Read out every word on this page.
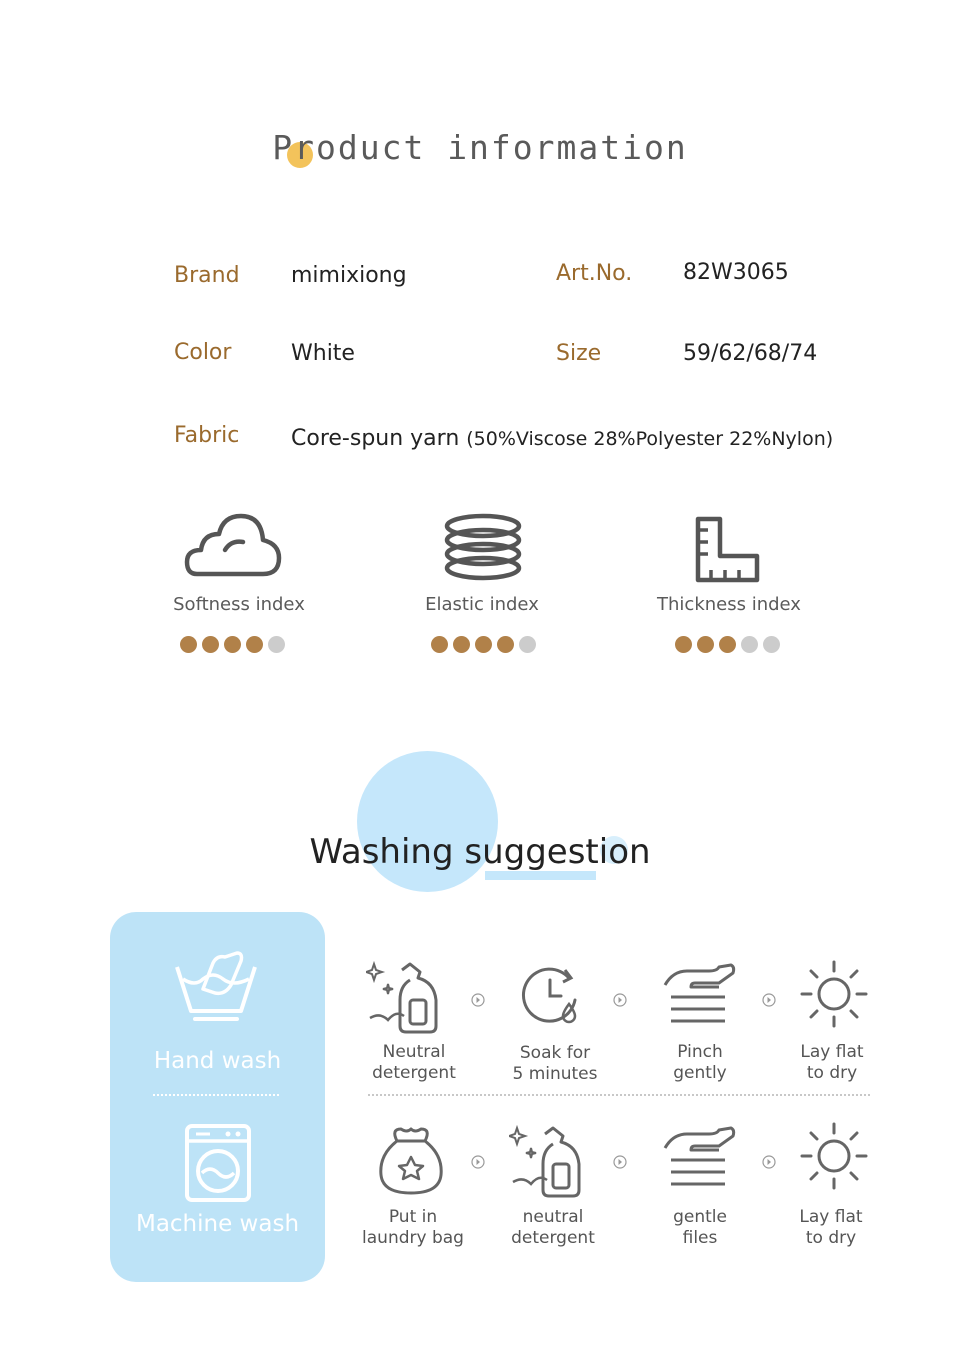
Product information
Brand mimixiong	Art.No. 82W3065
Color	White	Size	59/62/68/74
Fabric Core-spun yarn (50%Viscose 28%Polyester 22%Nylon)
Softness index	Elastic index	Thickness index
Washing suggestion
Hand wash
Machine wash
Neutral
detergent
Soak for
5 minutes
Pinch
gently
Lay flat
to dry
Put in
laundry bag
neutral
detergent
gentle
files
Lay flat
to dry
